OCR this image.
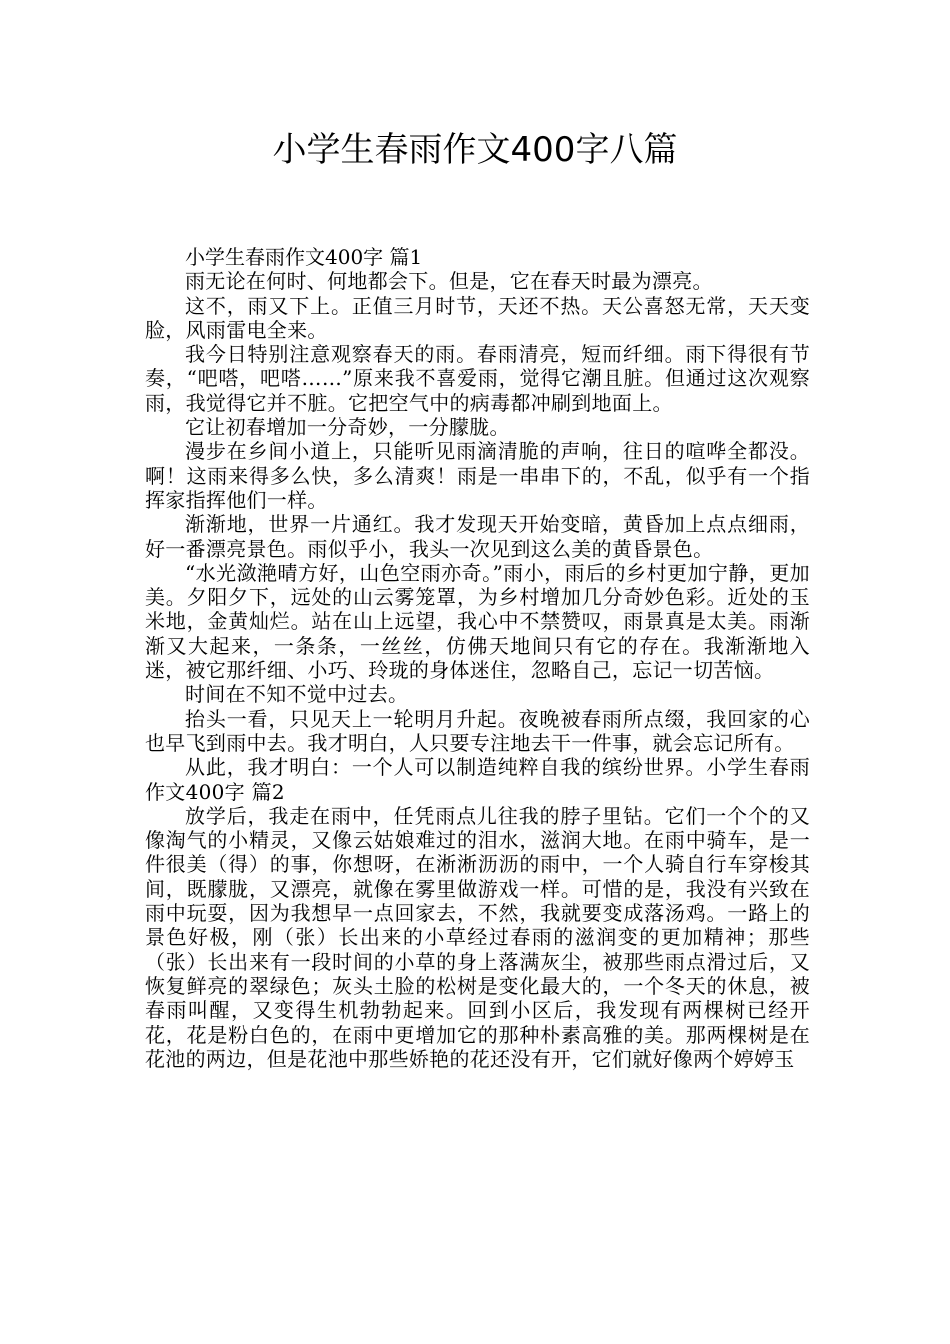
小学生春雨作文400字八篇

小学生春雨作文400字 篇1

雨无论在何时、何地都会下。但是，它在春天时最为漂亮。

这不，雨又下上。正值三月时节，天还不热。天公喜怒无常，天天变脸，风雨雷电全来。

我今日特别注意观察春天的雨。春雨清亮，短而纤细。雨下得很有节奏，“吧嗒，吧嗒……”原来我不喜爱雨，觉得它潮且脏。但通过这次观察雨，我觉得它并不脏。它把空气中的病毒都冲刷到地面上。

它让初春增加一分奇妙，一分朦胧。

漫步在乡间小道上，只能听见雨滴清脆的声响，往日的喧哗全都没。啊！这雨来得多么快，多么清爽！雨是一串串下的，不乱，似乎有一个指挥家指挥他们一样。

渐渐地，世界一片通红。我才发现天开始变暗，黄昏加上点点细雨，好一番漂亮景色。雨似乎小，我头一次见到这么美的黄昏景色。

“水光潋滟晴方好，山色空雨亦奇。”雨小，雨后的乡村更加宁静，更加美。夕阳夕下，远处的山云雾笼罩，为乡村增加几分奇妙色彩。近处的玉米地，金黄灿烂。站在山上远望，我心中不禁赞叹，雨景真是太美。雨渐渐又大起来，一条条，一丝丝，仿佛天地间只有它的存在。我渐渐地入迷，被它那纤细、小巧、玲珑的身体迷住，忽略自己，忘记一切苦恼。

时间在不知不觉中过去。

抬头一看，只见天上一轮明月升起。夜晚被春雨所点缀，我回家的心也早飞到雨中去。我才明白，人只要专注地去干一件事，就会忘记所有。

从此，我才明白：一个人可以制造纯粹自我的缤纷世界。小学生春雨作文400字 篇2

放学后，我走在雨中，任凭雨点儿往我的脖子里钻。它们一个个的又像淘气的小精灵，又像云姑娘难过的泪水，滋润大地。在雨中骑车，是一件很美（得）的事，你想呀，在淅淅沥沥的雨中，一个人骑自行车穿梭其间，既朦胧，又漂亮，就像在雾里做游戏一样。可惜的是，我没有兴致在雨中玩耍，因为我想早一点回家去，不然，我就要变成落汤鸡。一路上的景色好极，刚（张）长出来的小草经过春雨的滋润变的更加精神；那些（张）长出来有一段时间的小草的身上落满灰尘，被那些雨点滑过后，又恢复鲜亮的翠绿色；灰头土脸的松树是变化最大的，一个冬天的休息，被春雨叫醒，又变得生机勃勃起来。回到小区后，我发现有两棵树已经开花，花是粉白色的，在雨中更增加它的那种朴素高雅的美。那两棵树是在花池的两边，但是花池中那些娇艳的花还没有开，它们就好像两个婷婷玉
